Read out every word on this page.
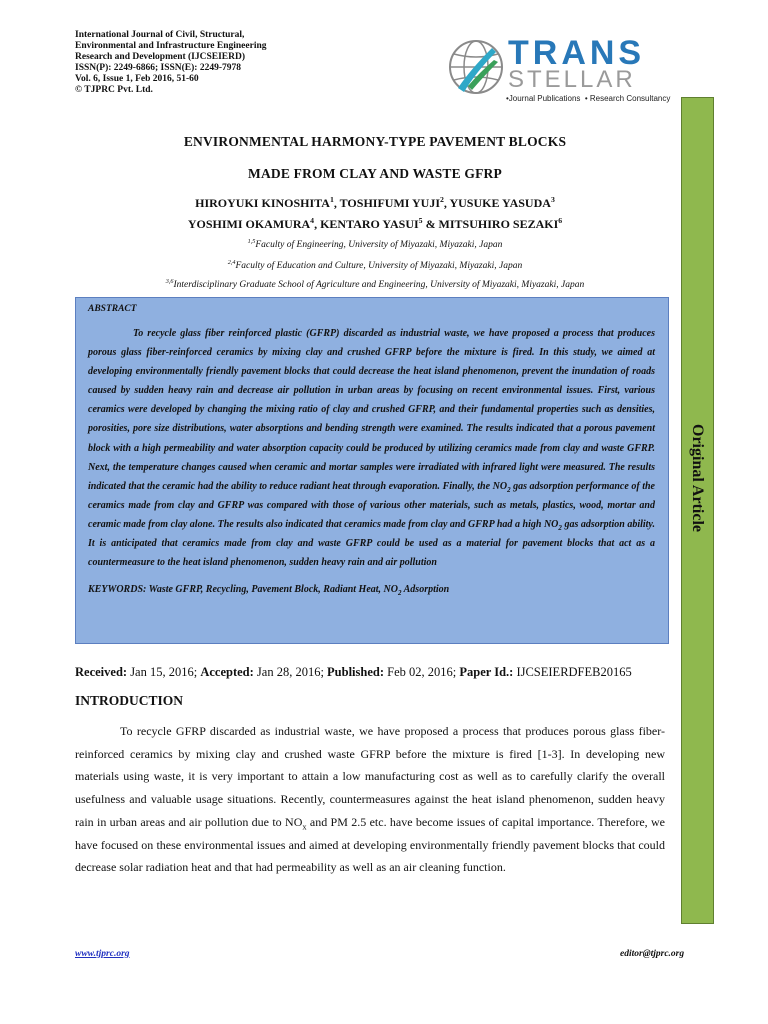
International Journal of Civil, Structural,
Environmental and Infrastructure Engineering
Research and Development (IJCSEIERD)
ISSN(P): 2249-6866; ISSN(E): 2249-7978
Vol. 6, Issue 1, Feb 2016, 51-60
© TJPRC Pvt. Ltd.
TRANS
STELLAR
•Journal Publications • Research Consultancy
Original Article
ENVIRONMENTAL HARMONY-TYPE PAVEMENT BLOCKS
MADE FROM CLAY AND WASTE GFRP
HIROYUKI KINOSHITA$^1$, TOSHIFUMI YUJI$^2$, YUSUKE YASUDA$^3$
YOSHIMI OKAMURA$^4$, KENTARO YASUI$^5$ & MITSUHIRO SEZAKI$^6$
$^{1,5}$Faculty of Engineering, University of Miyazaki, Miyazaki, Japan
$^{2,4}$Faculty of Education and Culture, University of Miyazaki, Miyazaki, Japan
$^{3,6}$Interdisciplinary Graduate School of Agriculture and Engineering, University of Miyazaki, Miyazaki, Japan
ABSTRACT
To recycle glass fiber reinforced plastic (GFRP) discarded as industrial waste, we have proposed a process that produces porous glass fiber-reinforced ceramics by mixing clay and crushed GFRP before the mixture is fired. In this study, we aimed at developing environmentally friendly pavement blocks that could decrease the heat island phenomenon, prevent the inundation of roads caused by sudden heavy rain and decrease air pollution in urban areas by focusing on recent environmental issues. First, various ceramics were developed by changing the mixing ratio of clay and crushed GFRP, and their fundamental properties such as densities, porosities, pore size distributions, water absorptions and bending strength were examined. The results indicated that a porous pavement block with a high permeability and water absorption capacity could be produced by utilizing ceramics made from clay and waste GFRP. Next, the temperature changes caused when ceramic and mortar samples were irradiated with infrared light were measured. The results indicated that the ceramic had the ability to reduce radiant heat through evaporation. Finally, the $NO_2$ gas adsorption performance of the ceramics made from clay and GFRP was compared with those of various other materials, such as metals, plastics, wood, mortar and ceramic made from clay alone. The results also indicated that ceramics made from clay and GFRP had a high $NO_2$ gas adsorption ability. It is anticipated that ceramics made from clay and waste GFRP could be used as a material for pavement blocks that act as a countermeasure to the heat island phenomenon, sudden heavy rain and air pollution
KEYWORDS: Waste GFRP, Recycling, Pavement Block, Radiant Heat, $NO_2$ Adsorption
Received: Jan 15, 2016; Accepted: Jan 28, 2016; Published: Feb 02, 2016; Paper Id.: IJCSEIERDFEB20165
INTRODUCTION
To recycle GFRP discarded as industrial waste, we have proposed a process that produces porous glass fiber-reinforced ceramics by mixing clay and crushed waste GFRP before the mixture is fired [1-3]. In developing new materials using waste, it is very important to attain a low manufacturing cost as well as to carefully clarify the overall usefulness and valuable usage situations. Recently, countermeasures against the heat island phenomenon, sudden heavy rain in urban areas and air pollution due to $NO_x$ and PM 2.5 etc. have become issues of capital importance. Therefore, we have focused on these environmental issues and aimed at developing environmentally friendly pavement blocks that could decrease solar radiation heat and that had permeability as well as an air cleaning function.
www.tjprc.org	editor@tjprc.org
